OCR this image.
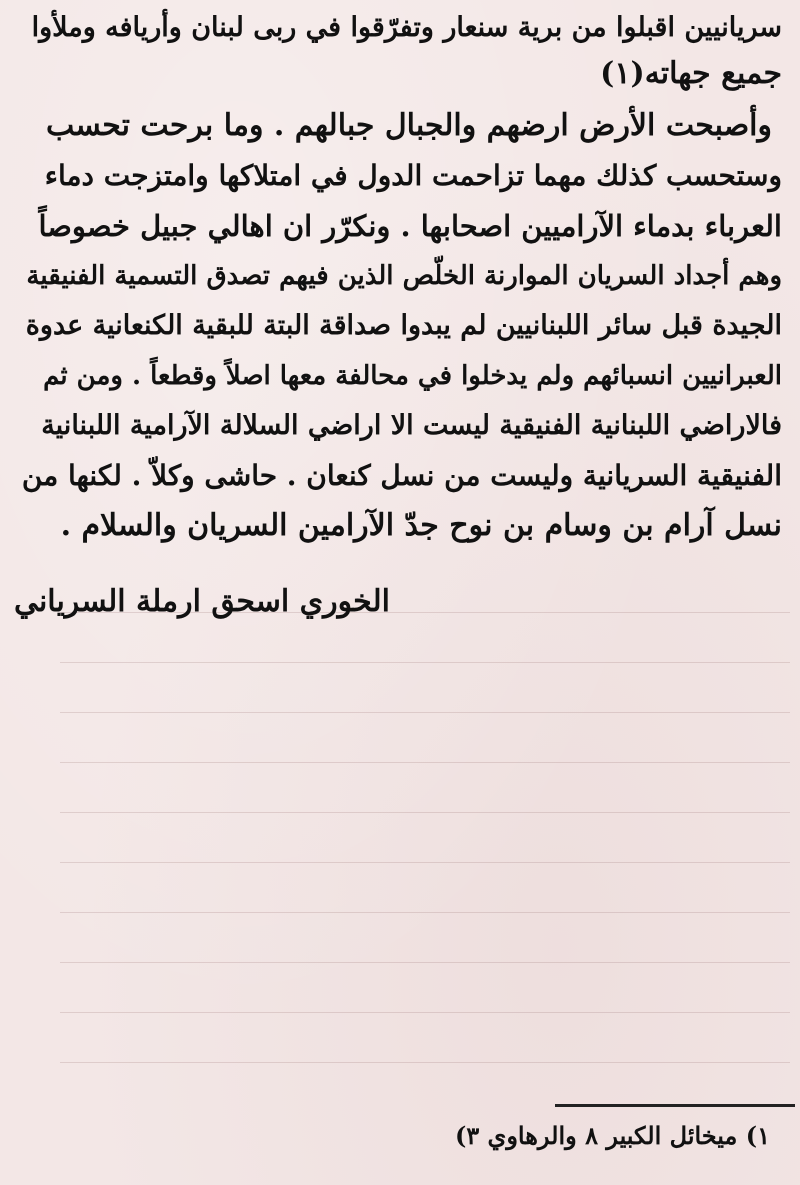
سريانيين اقبلوا من برية سنعار وتفرّقوا في ربى لبنان وأريافه وملأوا
جميع جهاته(١)
وأصبحت الأرض ارضهم والجبال جبالهم . وما برحت تحسب
وستحسب كذلك مهما تزاحمت الدول في امتلاكها وامتزجت دماء
العرباء بدماء الآراميين اصحابها . ونكرّر ان اهالي جبيل خصوصاً
وهم أجداد السريان الموارنة الخلّص الذين فيهم تصدق التسمية الفنيقية
الجيدة قبل سائر اللبنانيين لم يبدوا صداقة البتة للبقية الكنعانية عدوة
العبرانيين انسبائهم ولم يدخلوا في محالفة معها اصلاً وقطعاً . ومن ثم
فالاراضي اللبنانية الفنيقية ليست الا اراضي السلالة الآرامية اللبنانية
الفنيقية السريانية وليست من نسل كنعان . حاشى وكلاّ . لكنها من
نسل آرام بن وسام بن نوح جدّ الآرامين السريان والسلام .
الخوري اسحق ارملة السرياني
١) ميخائل الكبير ٨ والرهاوي ٣)
